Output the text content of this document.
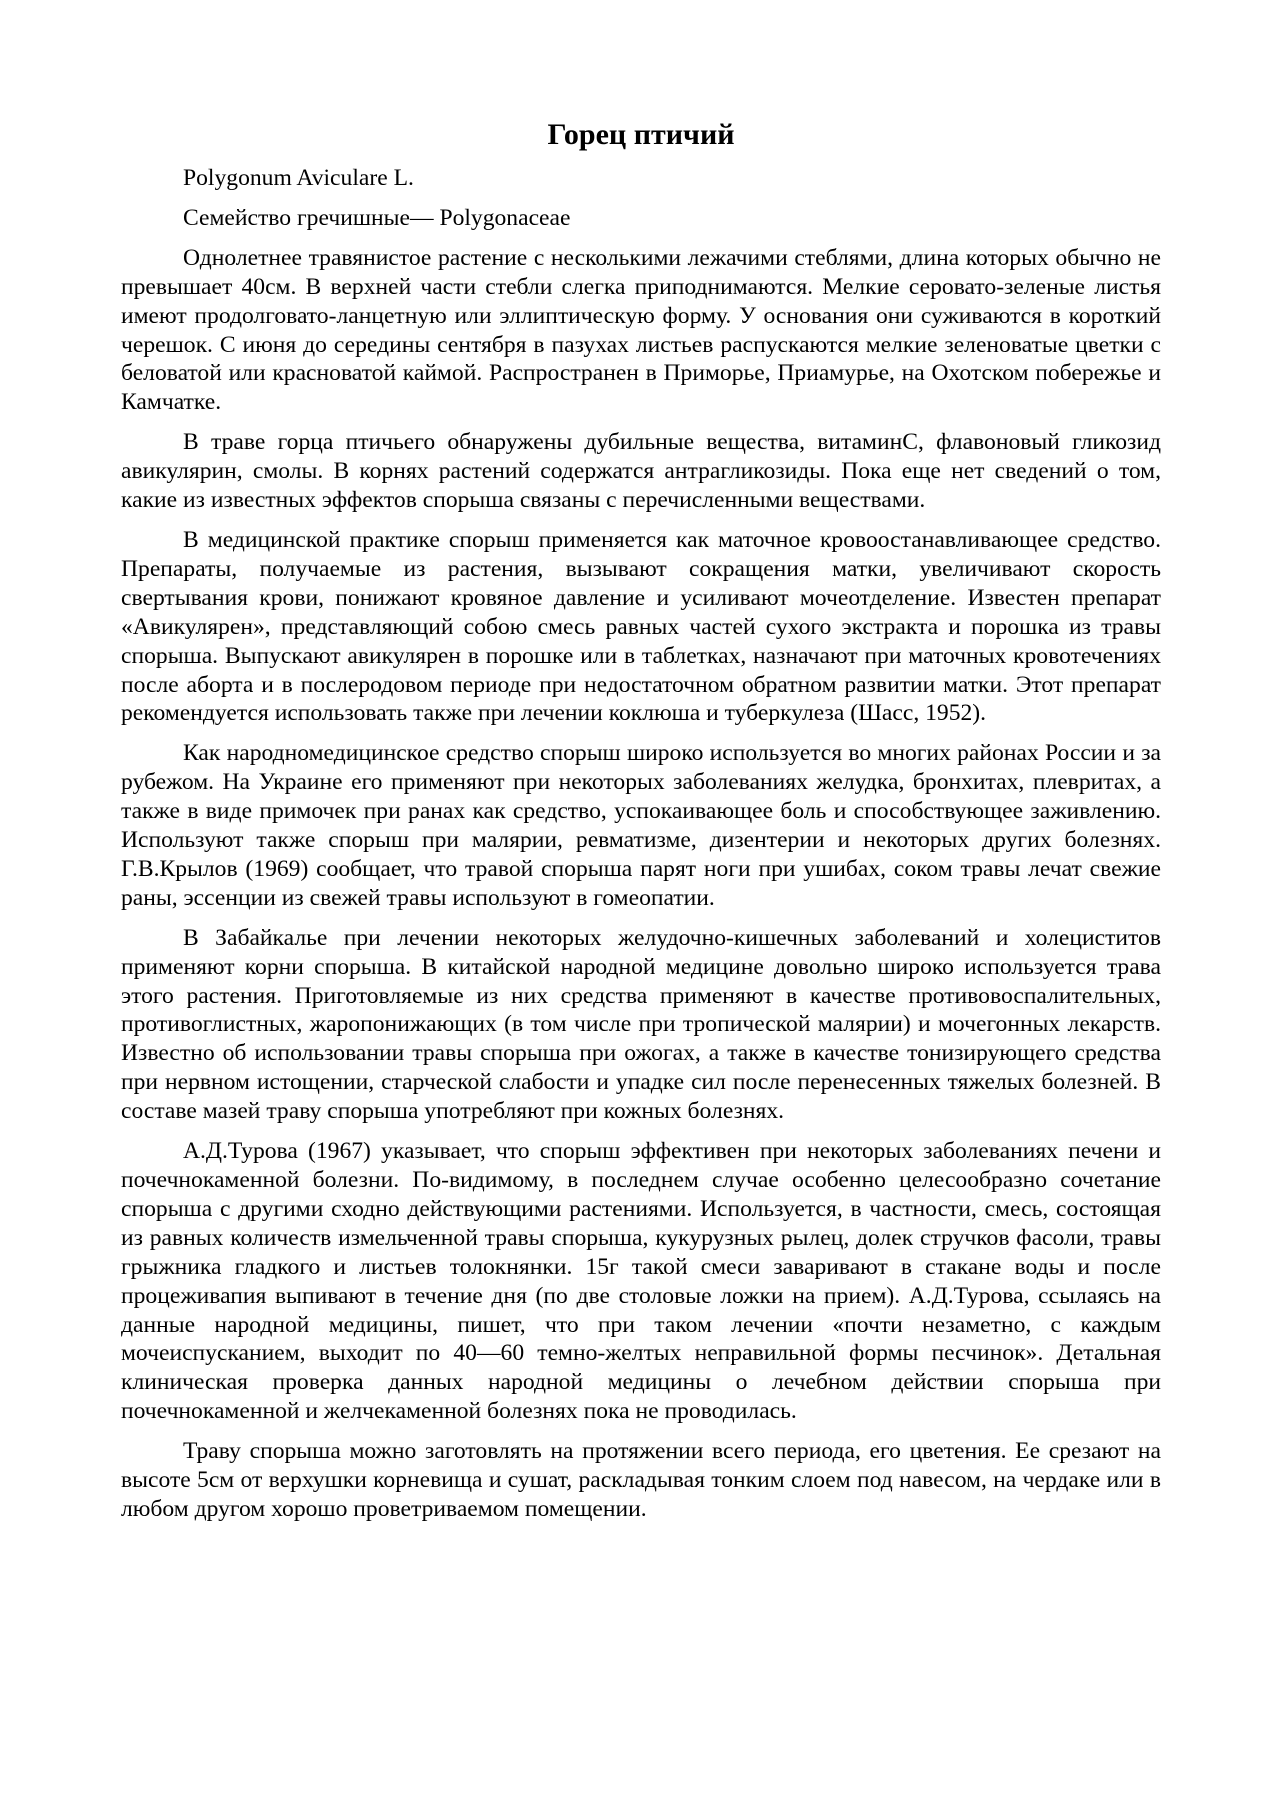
Горец птичий

Polygonum Aviculare L.

Семейство гречишные— Polygonaceae

Однолетнее травянистое растение с несколькими лежачими стеблями, длина которых обычно не превышает 40см. В верхней части стебли слегка приподнимаются. Мелкие серовато-зеленые листья имеют продолговато-ланцетную или эллиптическую форму. У основания они суживаются в короткий черешок. С июня до середины сентября в пазухах листьев распускаются мелкие зеленоватые цветки с беловатой или красноватой каймой. Распространен в Приморье, Приамурье, на Охотском побережье и Камчатке.

В траве горца птичьего обнаружены дубильные вещества, витаминС, флавоновый гликозид авикулярин, смолы. В корнях растений содержатся антрагликозиды. Пока еще нет сведений о том, какие из известных эффектов спорыша связаны с перечисленными веществами.

В медицинской практике спорыш применяется как маточное кровоостанавливающее средство. Препараты, получаемые из растения, вызывают сокращения матки, увеличивают скорость свертывания крови, понижают кровяное давление и усиливают мочеотделение. Известен препарат «Авикулярен», представляющий собою смесь равных частей сухого экстракта и порошка из травы спорыша. Выпускают авикулярен в порошке или в таблетках, назначают при маточных кровотечениях после аборта и в послеродовом периоде при недостаточном обратном развитии матки. Этот препарат рекомендуется использовать также при лечении коклюша и туберкулеза (Шасс, 1952).

Как народномедицинское средство спорыш широко используется во многих районах России и за рубежом. На Украине его применяют при некоторых заболеваниях желудка, бронхитах, плевритах, а также в виде примочек при ранах как средство, успокаивающее боль и способствующее заживлению. Используют также спорыш при малярии, ревматизме, дизентерии и некоторых других болезнях. Г.В.Крылов (1969) сообщает, что травой спорыша парят ноги при ушибах, соком травы лечат свежие раны, эссенции из свежей травы используют в гомеопатии.

В Забайкалье при лечении некоторых желудочно-кишечных заболеваний и холециститов применяют корни спорыша. В китайской народной медицине довольно широко используется трава этого растения. Приготовляемые из них средства применяют в качестве противовоспалительных, противоглистных, жаропонижающих (в том числе при тропической малярии) и мочегонных лекарств. Известно об использовании травы спорыша при ожогах, а также в качестве тонизирующего средства при нервном истощении, старческой слабости и упадке сил после перенесенных тяжелых болезней. В составе мазей траву спорыша употребляют при кожных болезнях.

А.Д.Турова (1967) указывает, что спорыш эффективен при некоторых заболеваниях печени и почечнокаменной болезни. По-видимому, в последнем случае особенно целесообразно сочетание спорыша с другими сходно действующими растениями. Используется, в частности, смесь, состоящая из равных количеств измельченной травы спорыша, кукурузных рылец, долек стручков фасоли, травы грыжника гладкого и листьев толокнянки. 15г такой смеси заваривают в стакане воды и после процеживапия выпивают в течение дня (по две столовые ложки на прием). А.Д.Турова, ссылаясь на данные народной медицины, пишет, что при таком лечении «почти незаметно, с каждым мочеиспусканием, выходит по 40—60 темно-желтых неправильной формы песчинок». Детальная клиническая проверка данных народной медицины о лечебном действии спорыша при почечнокаменной и желчекаменной болезнях пока не проводилась.

Траву спорыша можно заготовлять на протяжении всего периода, его цветения. Ее срезают на высоте 5см от верхушки корневища и сушат, раскладывая тонким слоем под навесом, на чердаке или в любом другом хорошо проветриваемом помещении.
